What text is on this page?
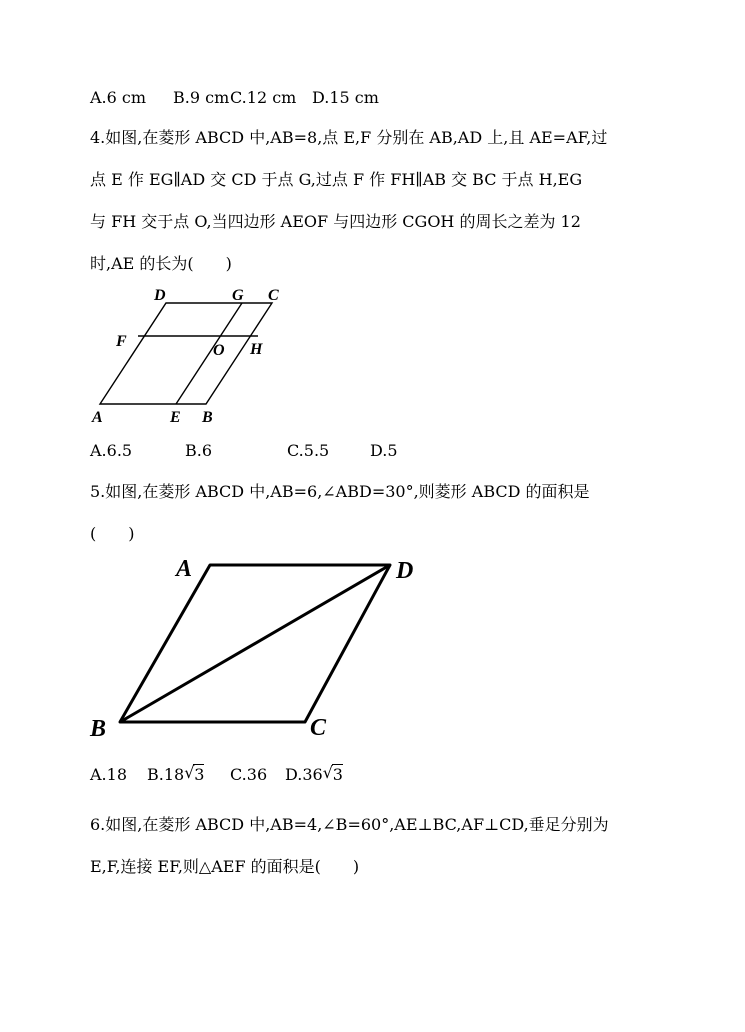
A.6 cm B.9 cm C.12 cm D.15 cm
4.如图,在菱形 ABCD 中,AB=8,点 E,F 分别在 AB,AD 上,且 AE=AF,过
点 E 作 EG∥AD 交 CD 于点 G,过点 F 作 FH∥AB 交 BC 于点 H,EG
与 FH 交于点 O,当四边形 AEOF 与四边形 CGOH 的周长之差为 12
时,AE 的长为(　　)
D	G C
F
O H
A	E B
A.6.5	B.6	C.5.5	D.5
5.如图,在菱形 ABCD 中,AB=6,∠ABD=30°,则菱形 ABCD 的面积是
(　　)
A	D
B	C
A.18 B.18 √ 3 C.36 D.36 √ 3
6.如图,在菱形 ABCD 中,AB=4,∠B=60°,AE⊥BC,AF⊥CD,垂足分别为
E,F,连接 EF,则△AEF 的面积是(　　)
